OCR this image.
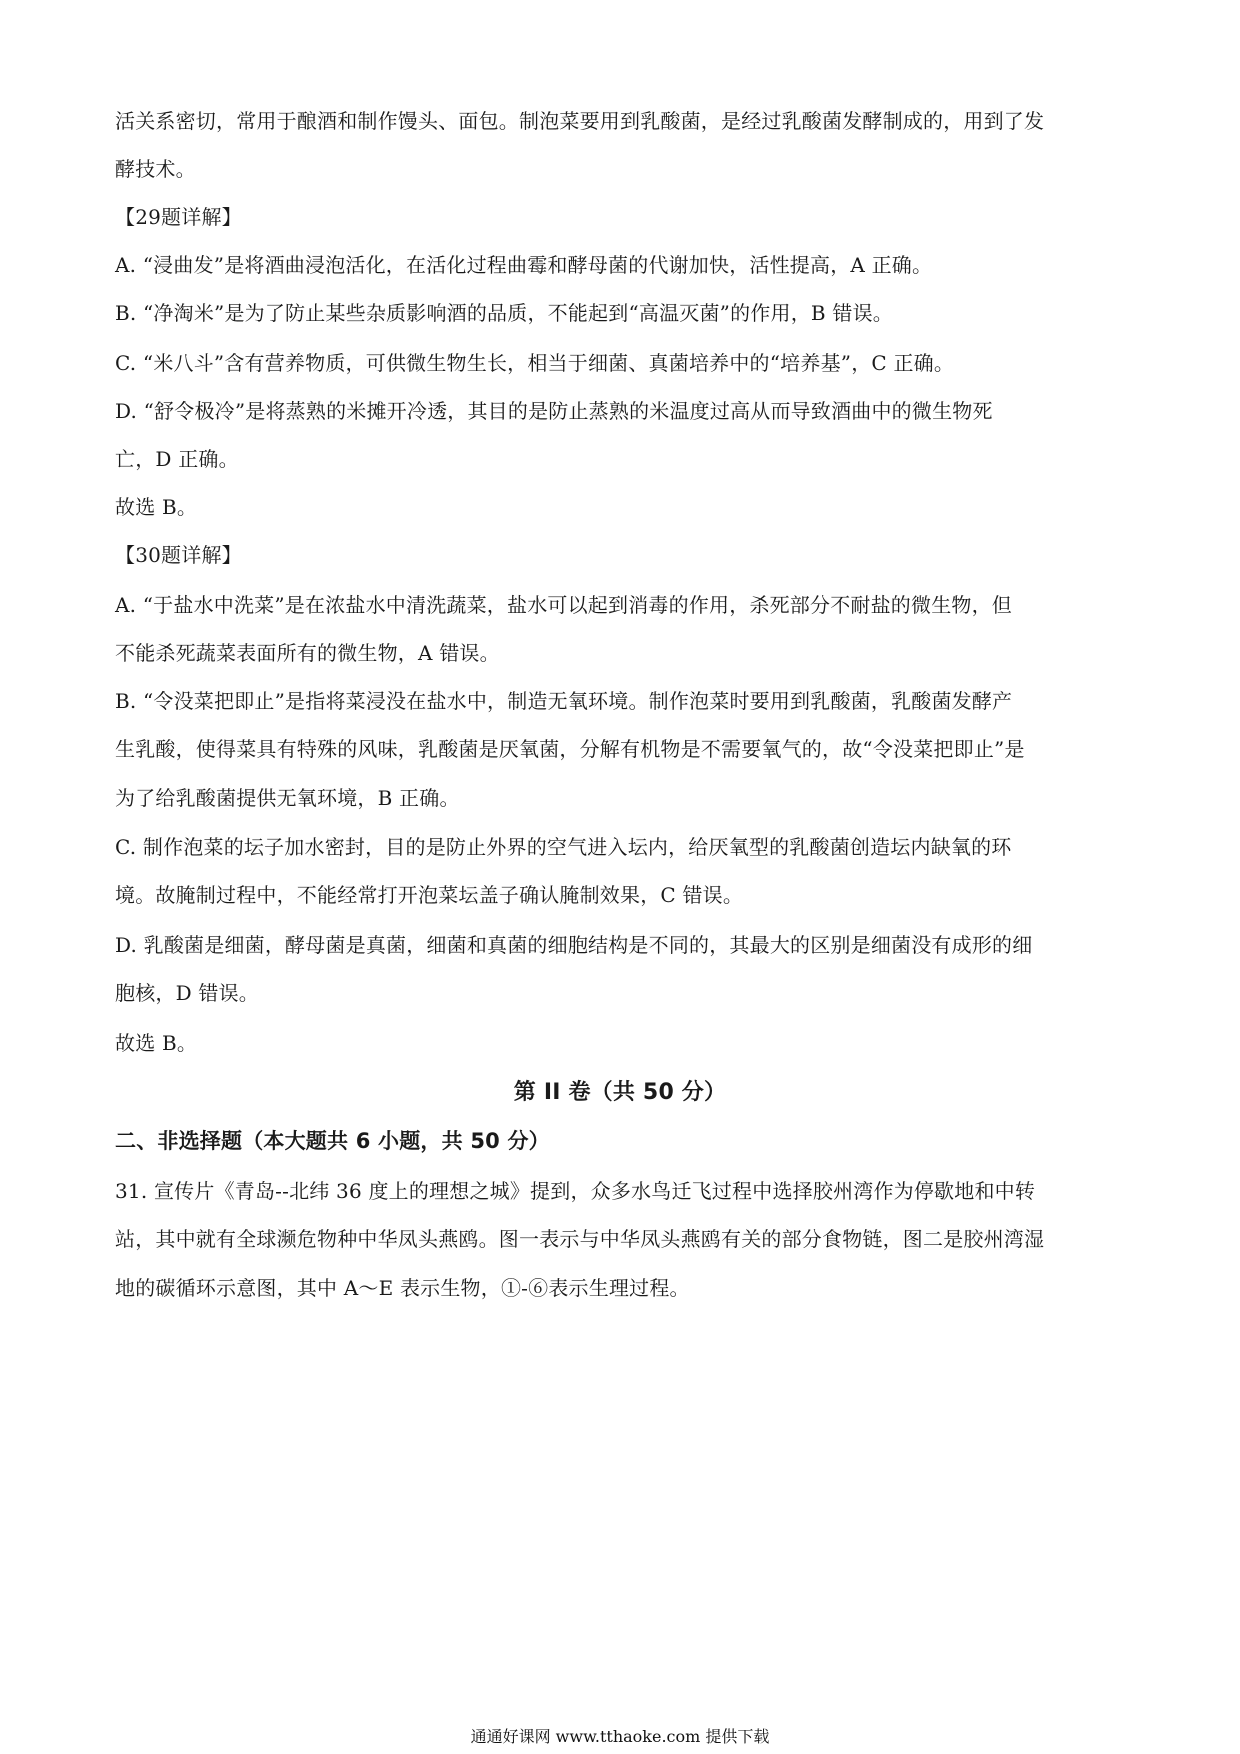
活关系密切，常用于酿酒和制作馒头、面包。制泡菜要用到乳酸菌，是经过乳酸菌发酵制成的，用到了发
酵技术。
【29题详解】
A. “浸曲发”是将酒曲浸泡活化，在活化过程曲霉和酵母菌的代谢加快，活性提高，A 正确。
B. “净淘米”是为了防止某些杂质影响酒的品质，不能起到“高温灭菌”的作用，B 错误。
C. “米八斗”含有营养物质，可供微生物生长，相当于细菌、真菌培养中的“培养基”，C 正确。
D. “舒令极冷”是将蒸熟的米摊开冷透，其目的是防止蒸熟的米温度过高从而导致酒曲中的微生物死
亡，D 正确。
故选 B。
【30题详解】
A. “于盐水中洗菜”是在浓盐水中清洗蔬菜，盐水可以起到消毒的作用，杀死部分不耐盐的微生物，但
不能杀死蔬菜表面所有的微生物，A 错误。
B. “令没菜把即止”是指将菜浸没在盐水中，制造无氧环境。制作泡菜时要用到乳酸菌，乳酸菌发酵产
生乳酸，使得菜具有特殊的风味，乳酸菌是厌氧菌，分解有机物是不需要氧气的，故“令没菜把即止”是
为了给乳酸菌提供无氧环境，B 正确。
C. 制作泡菜的坛子加水密封，目的是防止外界的空气进入坛内，给厌氧型的乳酸菌创造坛内缺氧的环
境。故腌制过程中，不能经常打开泡菜坛盖子确认腌制效果，C 错误。
D. 乳酸菌是细菌，酵母菌是真菌，细菌和真菌的细胞结构是不同的，其最大的区别是细菌没有成形的细
胞核，D 错误。
故选 B。
第 II 卷（共 50 分）
二、非选择题（本大题共 6 小题，共 50 分）
31. 宣传片《青岛--北纬 36 度上的理想之城》提到，众多水鸟迁飞过程中选择胶州湾作为停歇地和中转
站，其中就有全球濒危物种中华凤头燕鸥。图一表示与中华凤头燕鸥有关的部分食物链，图二是胶州湾湿
地的碳循环示意图，其中 A～E 表示生物，①-⑥表示生理过程。
通通好课网 www.tthaoke.com 提供下载
